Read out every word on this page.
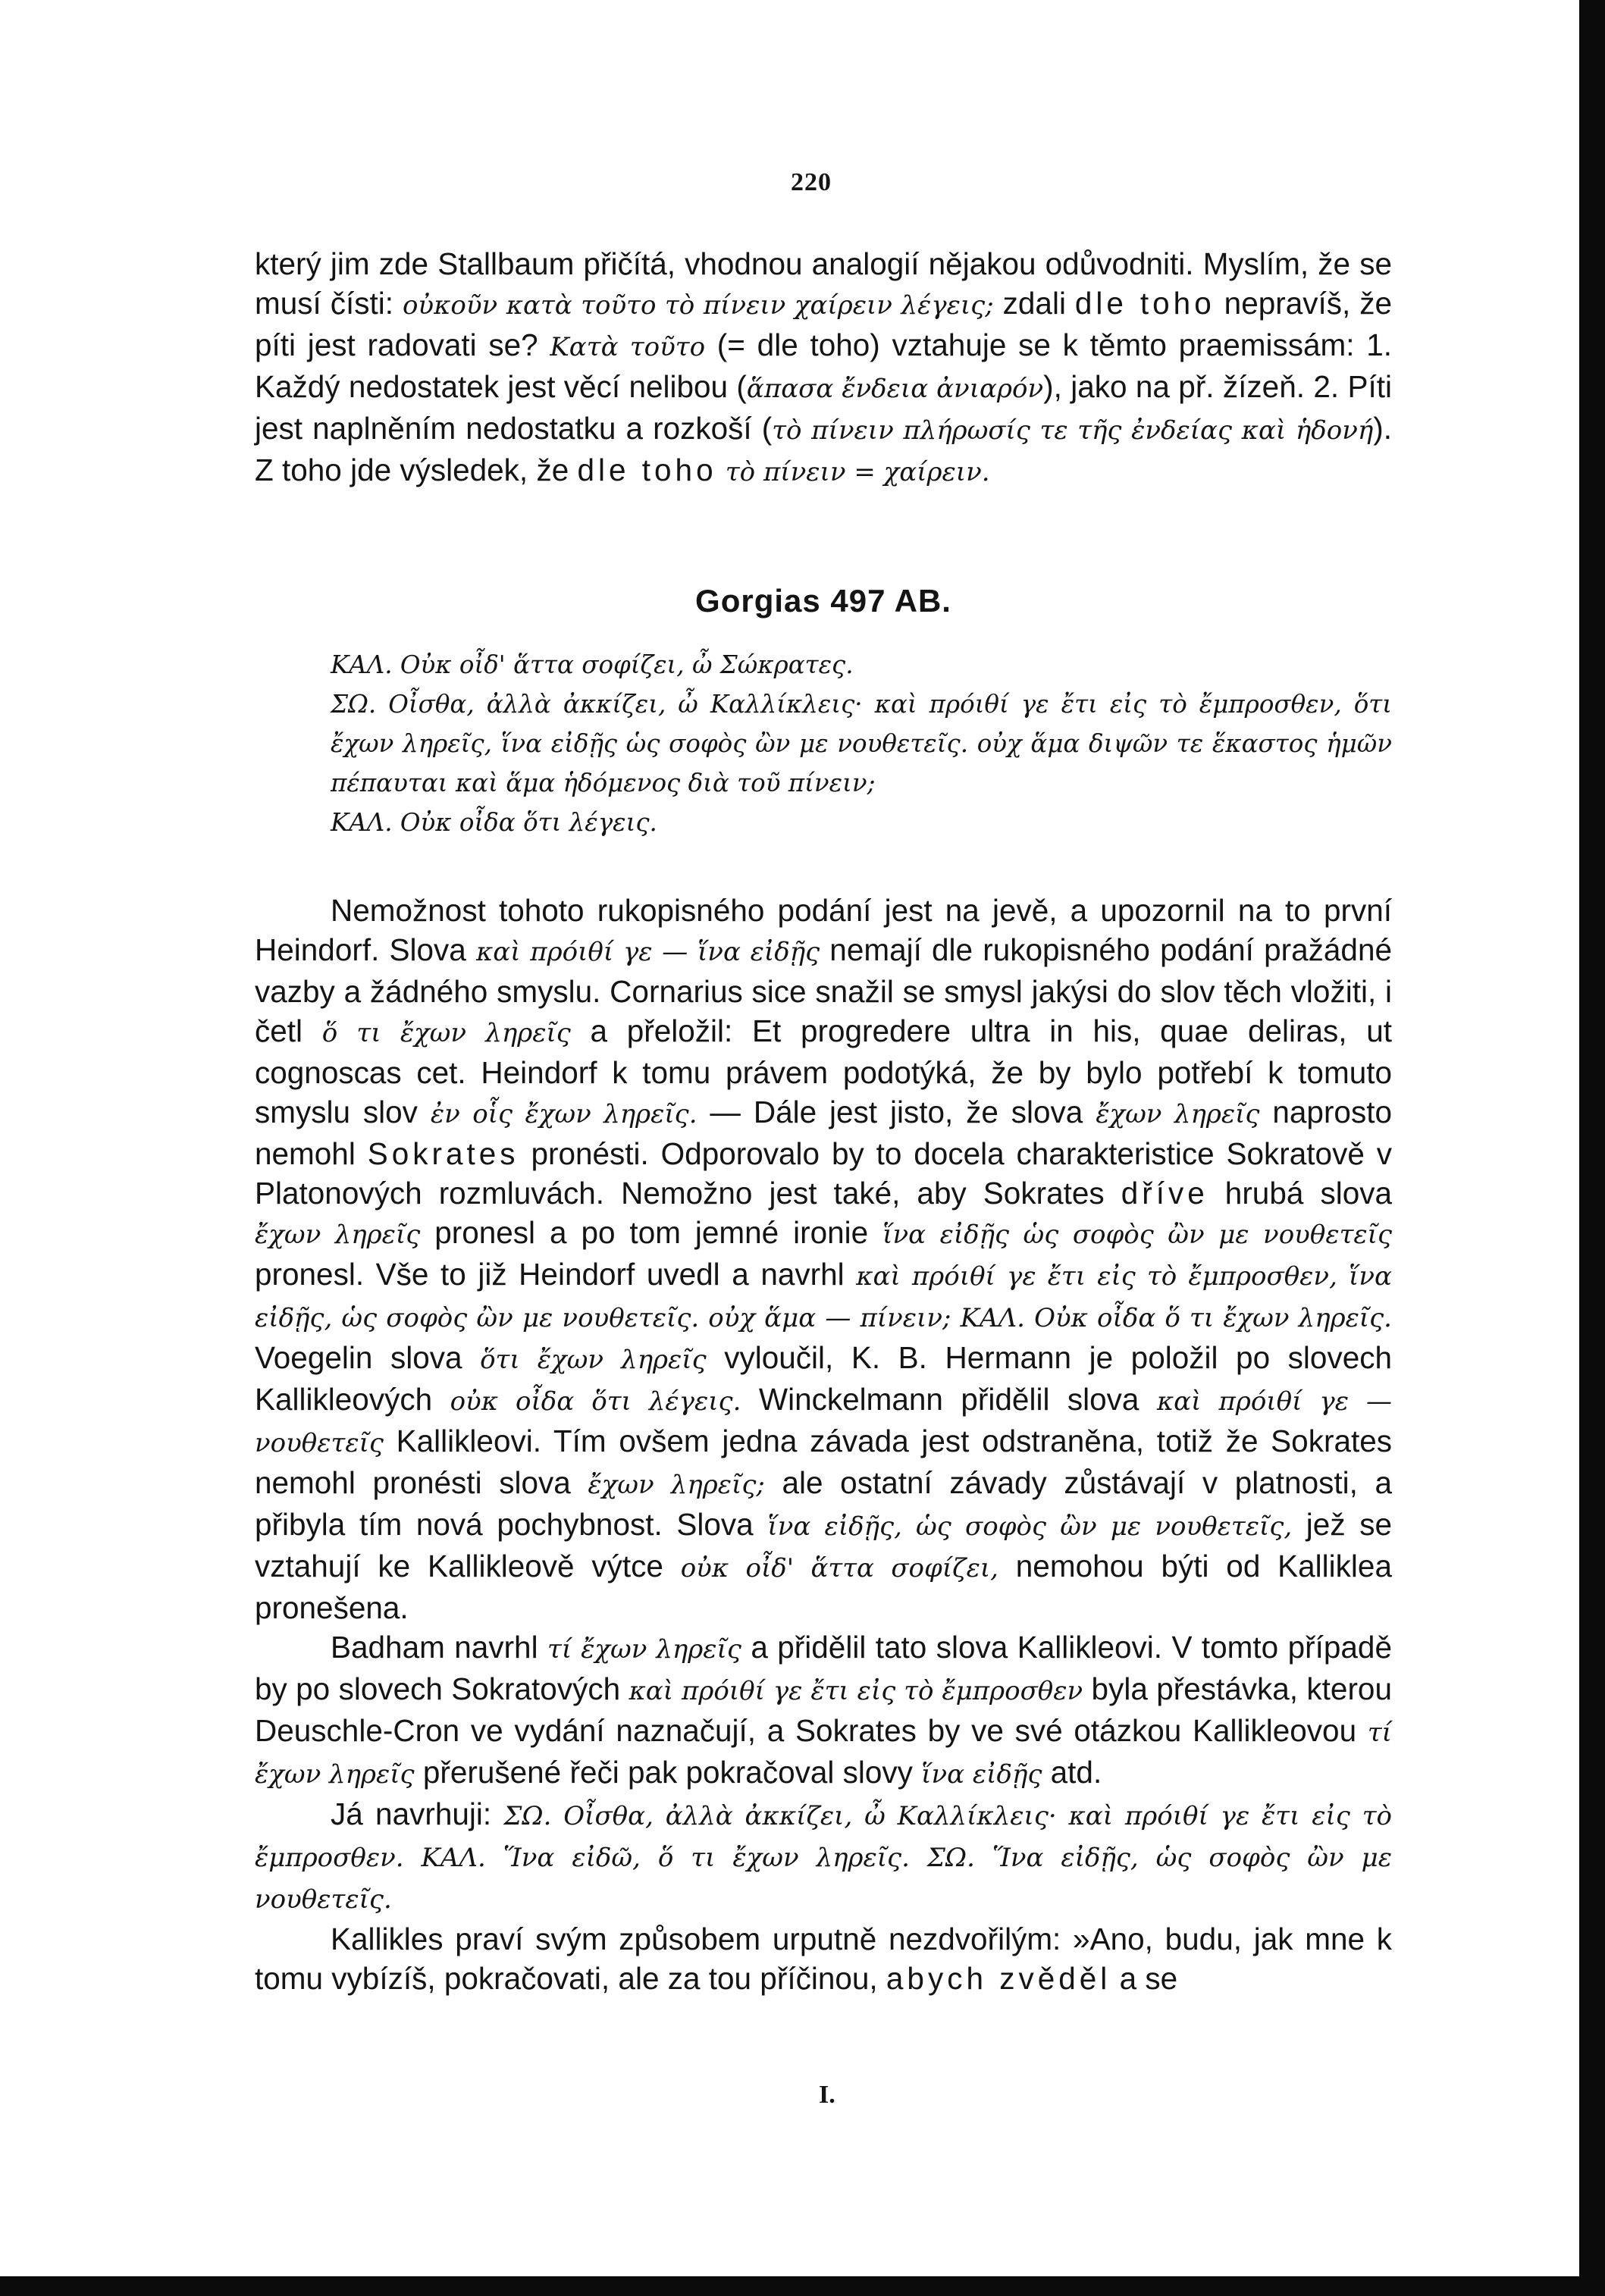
220

který jim zde Stallbaum přičítá, vhodnou analogií nějakou odůvodniti. Myslím, že se musí čísti: οὐκοῦν κατὰ τοῦτο τὸ πίνειν χαίρειν λέγεις; zdali dle toho nepravíš, že píti jest radovati se? Κατὰ τοῦτο (= dle toho) vztahuje se k těmto praemissám: 1. Každý nedostatek jest věcí nelibou (ἅπασα ἔνδεια ἀνιαρόν), jako na př. žízeň. 2. Píti jest naplněním nedostatku a rozkoší (τὸ πίνειν πλήρωσίς τε τῆς ἐνδείας καὶ ἡδονή). Z toho jde výsledek, že dle toho τὸ πίνειν = χαίρειν.

Gorgias 497 AB.

ΚΑΛ. Οὐκ οἶδ' ἅττα σοφίζει, ὦ Σώκρατες.

ΣΩ. Οἶσθα, ἀλλὰ ἀκκίζει, ὦ Καλλίκλεις· καὶ πρόιθί γε ἔτι εἰς τὸ ἔμπροσθεν, ὅτι ἔχων ληρεῖς, ἵνα εἰδῇς ὡς σοφὸς ὢν με νουθετεῖς. οὐχ ἅμα διψῶν τε ἕκαστος ἡμῶν πέπαυται καὶ ἅμα ἡδόμενος διὰ τοῦ πίνειν;

ΚΑΛ. Οὐκ οἶδα ὅτι λέγεις.

Nemožnost tohoto rukopisného podání jest na jevě, a upozornil na to první Heindorf. Slova καὶ πρόιθί γε — ἵνα εἰδῇς nemají dle rukopisného podání pražádné vazby a žádného smyslu. Cornarius sice snažil se smysl jakýsi do slov těch vložiti, i četl ὅ τι ἔχων ληρεῖς a přeložil: Et progredere ultra in his, quae deliras, ut cognoscas cet. Heindorf k tomu právem podotýká, že by bylo potřebí k tomuto smyslu slov ἐν οἷς ἔχων ληρεῖς. — Dále jest jisto, že slova ἔχων ληρεῖς naprosto nemohl Sokrates pronésti. Odporovalo by to docela charakteristice Sokratově v Platonových rozmluvách. Nemožno jest také, aby Sokrates dříve hrubá slova ἔχων ληρεῖς pronesl a po tom jemné ironie ἵνα εἰδῇς ὡς σοφὸς ὢν με νουθετεῖς pronesl. Vše to již Heindorf uvedl a navrhl καὶ πρόιθί γε ἔτι εἰς τὸ ἔμπροσθεν, ἵνα εἰδῇς, ὡς σοφὸς ὢν με νουθετεῖς. οὐχ ἅμα — πίνειν; ΚΑΛ. Οὐκ οἶδα ὅ τι ἔχων ληρεῖς. Voegelin slova ὅτι ἔχων ληρεῖς vyloučil, K. B. Hermann je položil po slovech Kallikleových οὐκ οἶδα ὅτι λέγεις. Winckelmann přidělil slova καὶ πρόιθί γε — νουθετεῖς Kallikleovi. Tím ovšem jedna závada jest odstraněna, totiž že Sokrates nemohl pronésti slova ἔχων ληρεῖς; ale ostatní závady zůstávají v platnosti, a přibyla tím nová pochybnost. Slova ἵνα εἰδῇς, ὡς σοφὸς ὢν με νουθετεῖς, jež se vztahují ke Kallikleově výtce οὐκ οἶδ' ἅττα σοφίζει, nemohou býti od Kalliklea pronešena.

Badham navrhl τί ἔχων ληρεῖς a přidělil tato slova Kallikleovi. V tomto případě by po slovech Sokratových καὶ πρόιθί γε ἔτι εἰς τὸ ἔμπροσθεν byla přestávka, kterou Deuschle-Cron ve vydání naznačují, a Sokrates by ve své otázkou Kallikleovou τί ἔχων ληρεῖς přerušené řeči pak pokračoval slovy ἵνα εἰδῇς atd.

Já navrhuji: ΣΩ. Οἶσθα, ἀλλὰ ἀκκίζει, ὦ Καλλίκλεις· καὶ πρόιθί γε ἔτι εἰς τὸ ἔμπροσθεν. ΚΑΛ. Ἵνα εἰδῶ, ὅ τι ἔχων ληρεῖς. ΣΩ. Ἵνα εἰδῇς, ὡς σοφὸς ὢν με νουθετεῖς.

Kallikles praví svým způsobem urputně nezdvořilým: »Ano, budu, jak mne k tomu vybízíš, pokračovati, ale za tou příčinou, abych zvěděl a se

I.
